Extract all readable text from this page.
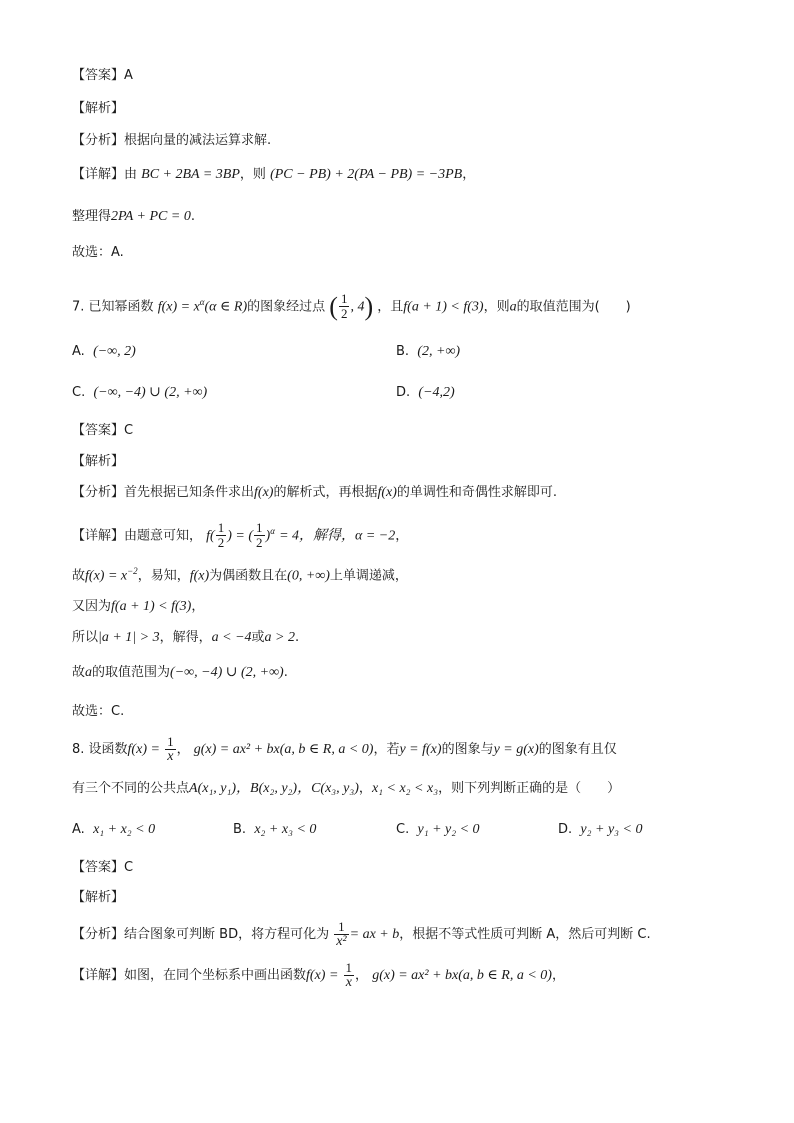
【答案】A
【解析】
【分析】根据向量的减法运算求解.
【详解】由 BC + 2BA = 3BP，则 (PC − PB) + 2(PA − PB) = −3PB，
整理得2PA + PC = 0.
故选：A.
7. 已知幂函数 $f(x) = x^\alpha(\alpha$ ∈ R)的图象经过点 ( $\frac{1}{2}$ , 4) ，且f(a + 1) < f(3)，则a的取值范围为(　　)
A. (−∞, 2)	B. (2, +∞)
C. (−∞, −4) ∪ (2, +∞)	D. (−4,2)
【答案】C
【解析】
【分析】首先根据已知条件求出f(x)的解析式，再根据f(x)的单调性和奇偶性求解即可.
【详解】由题意可知， $f( \frac{1}{2}$ ) = ( $\frac{1}{2} )^\alpha = 4$，解得，α = −2，
故$f(x) = x^{-2}$，易知，f(x)为偶函数且在(0, +∞)上单调递减，
又因为f(a + 1) < f(3)，
所以|a + 1| > 3，解得，a < −4或a > 2.
故a的取值范围为(−∞, −4) ∪ (2, +∞).
故选：C.
8. 设函数$f(x) = \frac{1}{x}$ ， g(x) = ax² + bx(a, b ∈ R, a < 0)，若y = f(x)的图象与y = g(x)的图象有且仅
有三个不同的公共点A(x₁, y₁)，B(x₂, y₂)，C(x₃, y₃)，x₁ < x₂ < x₃，则下列判断正确的是（　　）
A. x₁ + x₂ < 0	B. x₂ + x₃ < 0	C. y₁ + y₂ < 0	D. y₂ + y₃ < 0
【答案】C
【解析】
【分析】结合图象可判断 BD，将方程可化为 $\frac{1}{\text{x²}}$ = ax + b，根据不等式性质可判断 A，然后可判断 C.
【详解】如图，在同个坐标系中画出函数$f(x) = \frac{1}{x}$ ， g(x) = ax² + bx(a, b ∈ R, a < 0)，
